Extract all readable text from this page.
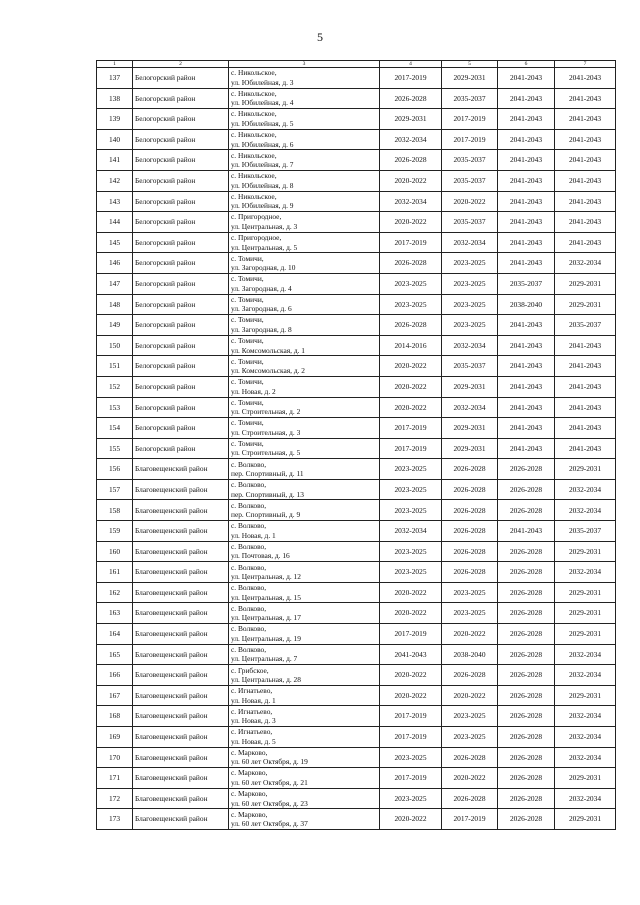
5
1	2	3	4	5	6	7
137	Белогорский район	с. Никольское,
ул. Юбилейная, д. 3	2017-2019	2029-2031	2041-2043	2041-2043
138	Белогорский район	с. Никольское,
ул. Юбилейная, д. 4	2026-2028	2035-2037	2041-2043	2041-2043
139	Белогорский район	с. Никольское,
ул. Юбилейная, д. 5	2029-2031	2017-2019	2041-2043	2041-2043
140	Белогорский район	с. Никольское,
ул. Юбилейная, д. 6	2032-2034	2017-2019	2041-2043	2041-2043
141	Белогорский район	с. Никольское,
ул. Юбилейная, д. 7	2026-2028	2035-2037	2041-2043	2041-2043
142	Белогорский район	с. Никольское,
ул. Юбилейная, д. 8	2020-2022	2035-2037	2041-2043	2041-2043
143	Белогорский район	с. Никольское,
ул. Юбилейная, д. 9	2032-2034	2020-2022	2041-2043	2041-2043
144	Белогорский район	с. Пригородное,
ул. Центральная, д. 3	2020-2022	2035-2037	2041-2043	2041-2043
145	Белогорский район	с. Пригородное,
ул. Центральная, д. 5	2017-2019	2032-2034	2041-2043	2041-2043
146	Белогорский район	с. Томичи,
ул. Загородная, д. 10	2026-2028	2023-2025	2041-2043	2032-2034
147	Белогорский район	с. Томичи,
ул. Загородная, д. 4	2023-2025	2023-2025	2035-2037	2029-2031
148	Белогорский район	с. Томичи,
ул. Загородная, д. 6	2023-2025	2023-2025	2038-2040	2029-2031
149	Белогорский район	с. Томичи,
ул. Загородная, д. 8	2026-2028	2023-2025	2041-2043	2035-2037
150	Белогорский район	с. Томичи,
ул. Комсомольская, д. 1	2014-2016	2032-2034	2041-2043	2041-2043
151	Белогорский район	с. Томичи,
ул. Комсомольская, д. 2	2020-2022	2035-2037	2041-2043	2041-2043
152	Белогорский район	с. Томичи,
ул. Новая, д. 2	2020-2022	2029-2031	2041-2043	2041-2043
153	Белогорский район	с. Томичи,
ул. Строительная, д. 2	2020-2022	2032-2034	2041-2043	2041-2043
154	Белогорский район	с. Томичи,
ул. Строительная, д. 3	2017-2019	2029-2031	2041-2043	2041-2043
155	Белогорский район	с. Томичи,
ул. Строительная, д. 5	2017-2019	2029-2031	2041-2043	2041-2043
156	Благовещенский район	с. Волково,
пер. Спортивный, д. 11	2023-2025	2026-2028	2026-2028	2029-2031
157	Благовещенский район	с. Волково,
пер. Спортивный, д. 13	2023-2025	2026-2028	2026-2028	2032-2034
158	Благовещенский район	с. Волково,
пер. Спортивный, д. 9	2023-2025	2026-2028	2026-2028	2032-2034
159	Благовещенский район	с. Волково,
ул. Новая, д. 1	2032-2034	2026-2028	2041-2043	2035-2037
160	Благовещенский район	с. Волково,
ул. Почтовая, д. 16	2023-2025	2026-2028	2026-2028	2029-2031
161	Благовещенский район	с. Волково,
ул. Центральная, д. 12	2023-2025	2026-2028	2026-2028	2032-2034
162	Благовещенский район	с. Волково,
ул. Центральная, д. 15	2020-2022	2023-2025	2026-2028	2029-2031
163	Благовещенский район	с. Волково,
ул. Центральная, д. 17	2020-2022	2023-2025	2026-2028	2029-2031
164	Благовещенский район	с. Волково,
ул. Центральная, д. 19	2017-2019	2020-2022	2026-2028	2029-2031
165	Благовещенский район	с. Волково,
ул. Центральная, д. 7	2041-2043	2038-2040	2026-2028	2032-2034
166	Благовещенский район	с. Грибское,
ул. Центральная, д. 28	2020-2022	2026-2028	2026-2028	2032-2034
167	Благовещенский район	с. Игнатьево,
ул. Новая, д. 1	2020-2022	2020-2022	2026-2028	2029-2031
168	Благовещенский район	с. Игнатьево,
ул. Новая, д. 3	2017-2019	2023-2025	2026-2028	2032-2034
169	Благовещенский район	с. Игнатьево,
ул. Новая, д. 5	2017-2019	2023-2025	2026-2028	2032-2034
170	Благовещенский район	с. Марково,
ул. 60 лет Октября, д. 19	2023-2025	2026-2028	2026-2028	2032-2034
171	Благовещенский район	с. Марково,
ул. 60 лет Октября, д. 21	2017-2019	2020-2022	2026-2028	2029-2031
172	Благовещенский район	с. Марково,
ул. 60 лет Октября, д. 23	2023-2025	2026-2028	2026-2028	2032-2034
173	Благовещенский район	с. Марково,
ул. 60 лет Октября, д. 37	2020-2022	2017-2019	2026-2028	2029-2031
